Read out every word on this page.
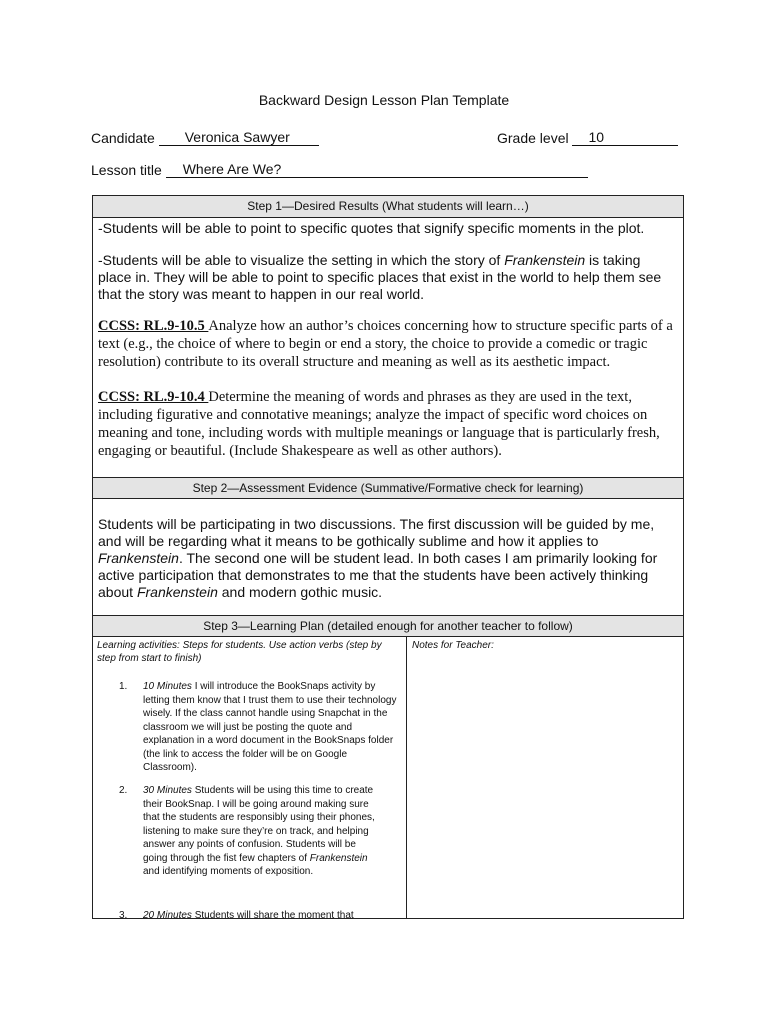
Backward Design Lesson Plan Template
Candidate Veronica Sawyer	Grade level 10
Lesson title Where Are We?
Step 1—Desired Results (What students will learn…)

-Students will be able to point to specific quotes that signify specific moments in the plot.

-Students will be able to visualize the setting in which the story of Frankenstein is taking place in. They will be able to point to specific places that exist in the world to help them see that the story was meant to happen in our real world.

CCSS: RL.9-10.5 Analyze how an author’s choices concerning how to structure specific parts of a text (e.g., the choice of where to begin or end a story, the choice to provide a comedic or tragic resolution) contribute to its overall structure and meaning as well as its aesthetic impact.

CCSS: RL.9-10.4 Determine the meaning of words and phrases as they are used in the text, including figurative and connotative meanings; analyze the impact of specific word choices on meaning and tone, including words with multiple meanings or language that is particularly fresh, engaging or beautiful. (Include Shakespeare as well as other authors).

Step 2—Assessment Evidence (Summative/Formative check for learning)

Students will be participating in two discussions. The first discussion will be guided by me, and will be regarding what it means to be gothically sublime and how it applies to Frankenstein. The second one will be student lead. In both cases I am primarily looking for active participation that demonstrates to me that the students have been actively thinking about Frankenstein and modern gothic music.

Step 3—Learning Plan (detailed enough for another teacher to follow)

Learning activities: Steps for students. Use action verbs (step by step from start to finish)

1. 10 Minutes I will introduce the BookSnaps activity by letting them know that I trust them to use their technology wisely. If the class cannot handle using Snapchat in the classroom we will just be posting the quote and explanation in a word document in the BookSnaps folder (the link to access the folder will be on Google Classroom).
2. 30 Minutes Students will be using this time to create their BookSnap. I will be going around making sure that the students are responsibly using their phones, listening to make sure they’re on track, and helping answer any points of confusion. Students will be going through the fist few chapters of Frankenstein and identifying moments of exposition.
3. 20 Minutes Students will share the moment that

Notes for Teacher:
